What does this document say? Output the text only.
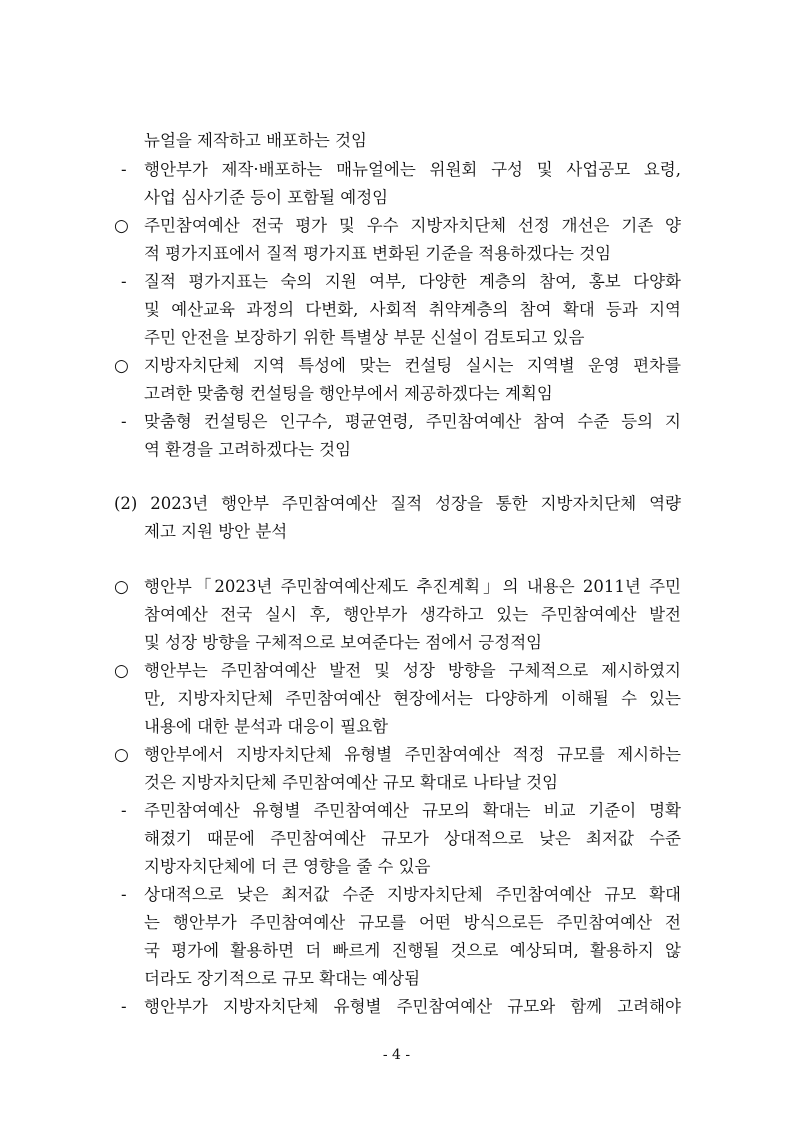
뉴얼을 제작하고 배포하는 것임
- 행안부가 제작·배포하는 매뉴얼에는 위원회 구성 및 사업공모 요령,
사업 심사기준 등이 포함될 예정임
○ 주민참여예산 전국 평가 및 우수 지방자치단체 선정 개선은 기존 양
적 평가지표에서 질적 평가지표 변화된 기준을 적용하겠다는 것임
- 질적 평가지표는 숙의 지원 여부, 다양한 계층의 참여, 홍보 다양화
및 예산교육 과정의 다변화, 사회적 취약계층의 참여 확대 등과 지역
주민 안전을 보장하기 위한 특별상 부문 신설이 검토되고 있음
○ 지방자치단체 지역 특성에 맞는 컨설팅 실시는 지역별 운영 편차를
고려한 맞춤형 컨설팅을 행안부에서 제공하겠다는 계획임
- 맞춤형 컨설팅은 인구수, 평균연령, 주민참여예산 참여 수준 등의 지
역 환경을 고려하겠다는 것임
(2) 2023년 행안부 주민참여예산 질적 성장을 통한 지방자치단체 역량
제고 지원 방안 분석
○ 행안부「2023년 주민참여예산제도 추진계획」의 내용은 2011년 주민
참여예산 전국 실시 후, 행안부가 생각하고 있는 주민참여예산 발전
및 성장 방향을 구체적으로 보여준다는 점에서 긍정적임
○ 행안부는 주민참여예산 발전 및 성장 방향을 구체적으로 제시하였지
만, 지방자치단체 주민참여예산 현장에서는 다양하게 이해될 수 있는
내용에 대한 분석과 대응이 필요함
○ 행안부에서 지방자치단체 유형별 주민참여예산 적정 규모를 제시하는
것은 지방자치단체 주민참여예산 규모 확대로 나타날 것임
- 주민참여예산 유형별 주민참여예산 규모의 확대는 비교 기준이 명확
해졌기 때문에 주민참여예산 규모가 상대적으로 낮은 최저값 수준
지방자치단체에 더 큰 영향을 줄 수 있음
- 상대적으로 낮은 최저값 수준 지방자치단체 주민참여예산 규모 확대
는 행안부가 주민참여예산 규모를 어떤 방식으로든 주민참여예산 전
국 평가에 활용하면 더 빠르게 진행될 것으로 예상되며, 활용하지 않
더라도 장기적으로 규모 확대는 예상됨
- 행안부가 지방자치단체 유형별 주민참여예산 규모와 함께 고려해야
- 4 -
